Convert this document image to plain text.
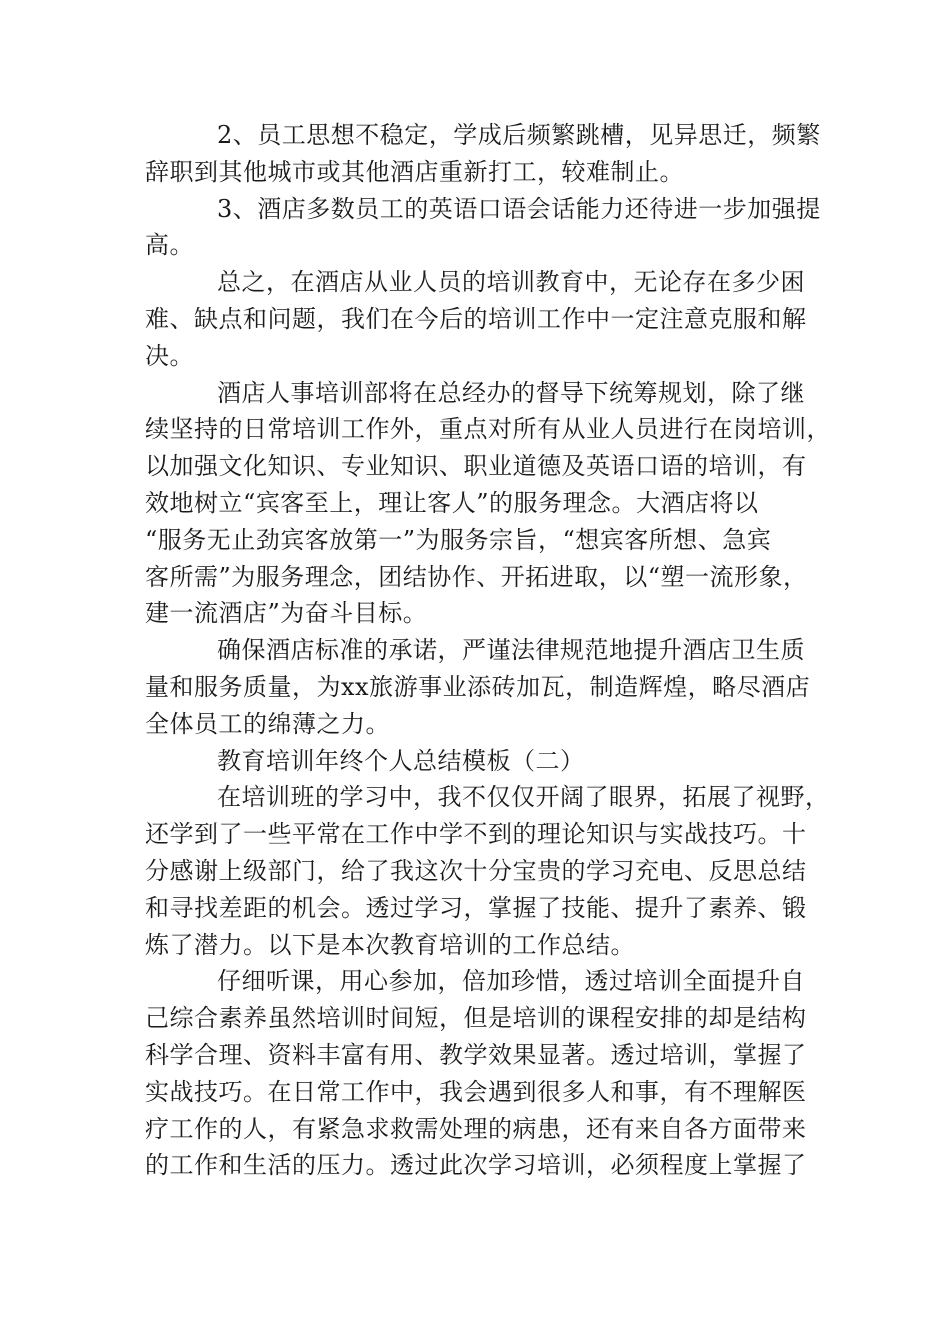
2、员工思想不稳定，学成后频繁跳槽，见异思迁，频繁
辞职到其他城市或其他酒店重新打工，较难制止。
3、酒店多数员工的英语口语会话能力还待进一步加强提
高。
总之，在酒店从业人员的培训教育中，无论存在多少困
难、缺点和问题，我们在今后的培训工作中一定注意克服和解
决。
酒店人事培训部将在总经办的督导下统筹规划，除了继
续坚持的日常培训工作外，重点对所有从业人员进行在岗培训，
以加强文化知识、专业知识、职业道德及英语口语的培训，有
效地树立“宾客至上，理让客人”的服务理念。大酒店将以
“服务无止劲宾客放第一”为服务宗旨，“想宾客所想、急宾
客所需”为服务理念，团结协作、开拓进取，以“塑一流形象，
建一流酒店”为奋斗目标。
确保酒店标准的承诺，严谨法律规范地提升酒店卫生质
量和服务质量，为xx旅游事业添砖加瓦，制造辉煌，略尽酒店
全体员工的绵薄之力。
教育培训年终个人总结模板（二）
在培训班的学习中，我不仅仅开阔了眼界，拓展了视野，
还学到了一些平常在工作中学不到的理论知识与实战技巧。十
分感谢上级部门，给了我这次十分宝贵的学习充电、反思总结
和寻找差距的机会。透过学习，掌握了技能、提升了素养、锻
炼了潜力。以下是本次教育培训的工作总结。
仔细听课，用心参加，倍加珍惜，透过培训全面提升自
己综合素养虽然培训时间短，但是培训的课程安排的却是结构
科学合理、资料丰富有用、教学效果显著。透过培训，掌握了
实战技巧。在日常工作中，我会遇到很多人和事，有不理解医
疗工作的人，有紧急求救需处理的病患，还有来自各方面带来
的工作和生活的压力。透过此次学习培训，必须程度上掌握了
